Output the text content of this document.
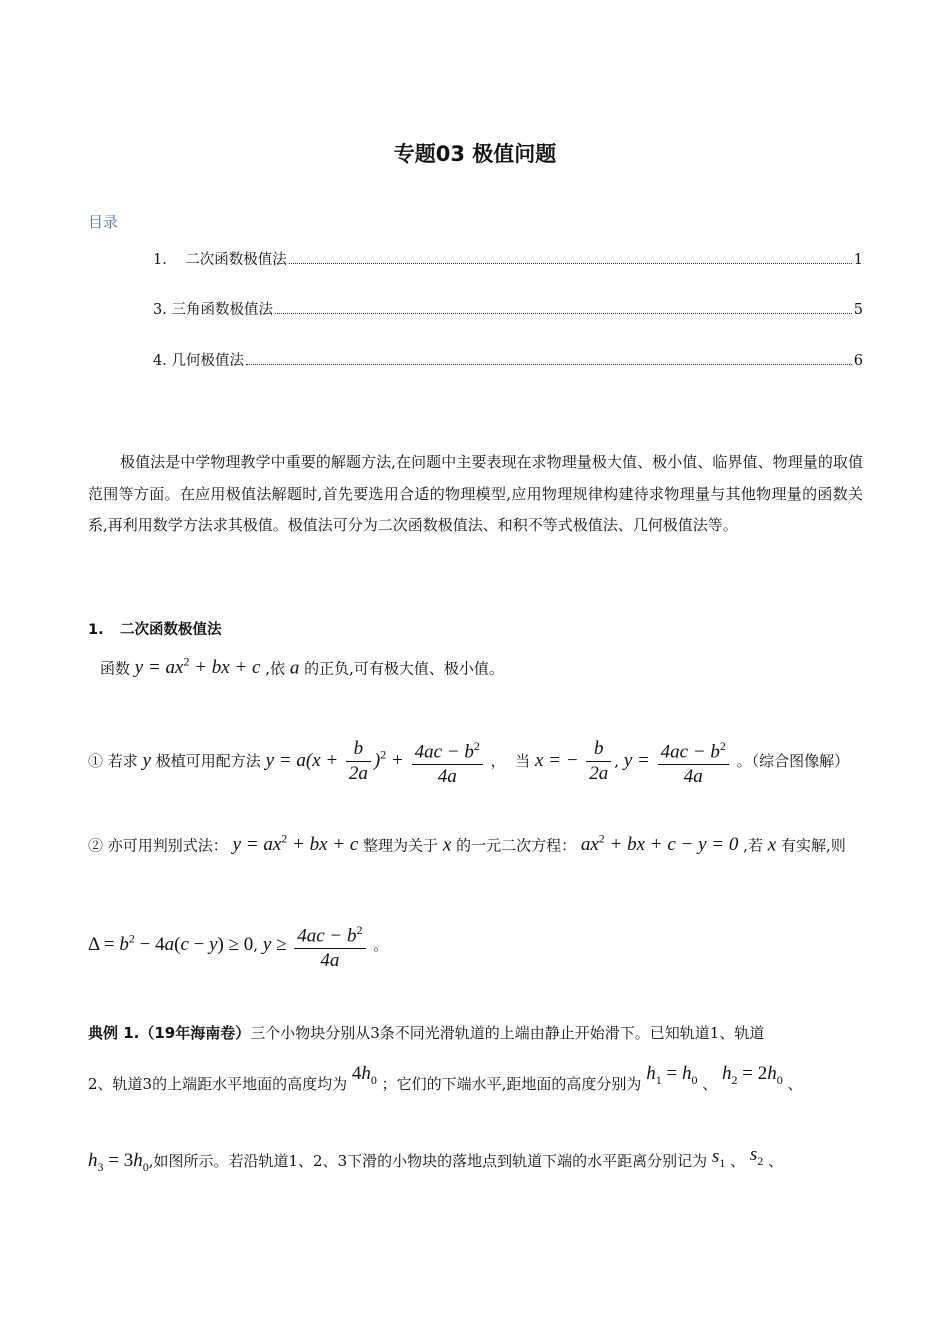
专题03 极值问题
目录
1.    二次函数极值法	1
3. 三角函数极值法	5
4. 几何极值法	6
极值法是中学物理教学中重要的解题方法,在问题中主要表现在求物理量极大值、极小值、临界值、物理量的取值范围等方面。在应用极值法解题时,首先要选用合适的物理模型,应用物理规律构建待求物理量与其他物理量的函数关系,再利用数学方法求其极值。极值法可分为二次函数极值法、和积不等式极值法、几何极值法等。
1. 二次函数极值法
函数 $y = ax^2$ + bx + c ,依 a 的正负,可有极大值、极小值。
① 若求 y 极植可用配方法 $y = a(x + \frac{b}{2a} )^2 + \frac{4ac - b^2}{4a}$ ，  当 x = − $\frac{b}{2a}$ , $y = \frac{4ac - b^2}{4a}$ 。（综合图像解）
② 亦可用判别式法： $y = ax^2$ + bx + c 整理为关于 x 的一元二次方程： $ax^2$ + bx + c − y = 0 ,若 x 有实解,则
$\Delta = b^2 - 4a(c - y) \ge 0$, $y \ge \frac{4ac - b^2}{4a}$ 。
典例 1.（19年海南卷）三个小物块分别从3条不同光滑轨道的上端由静止开始滑下。已知轨道1、轨道
2、轨道3的上端距水平地面的高度均为 $4h_0$ ；它们的下端水平,距地面的高度分别为 $h_1 = h_0$ 、 $h_2 = 2h_0$ 、
$h_3 = 3h_0$,如图所示。若沿轨道1、2、3下滑的小物块的落地点到轨道下端的水平距离分别记为 $s_1$ 、 $s_2$ 、
